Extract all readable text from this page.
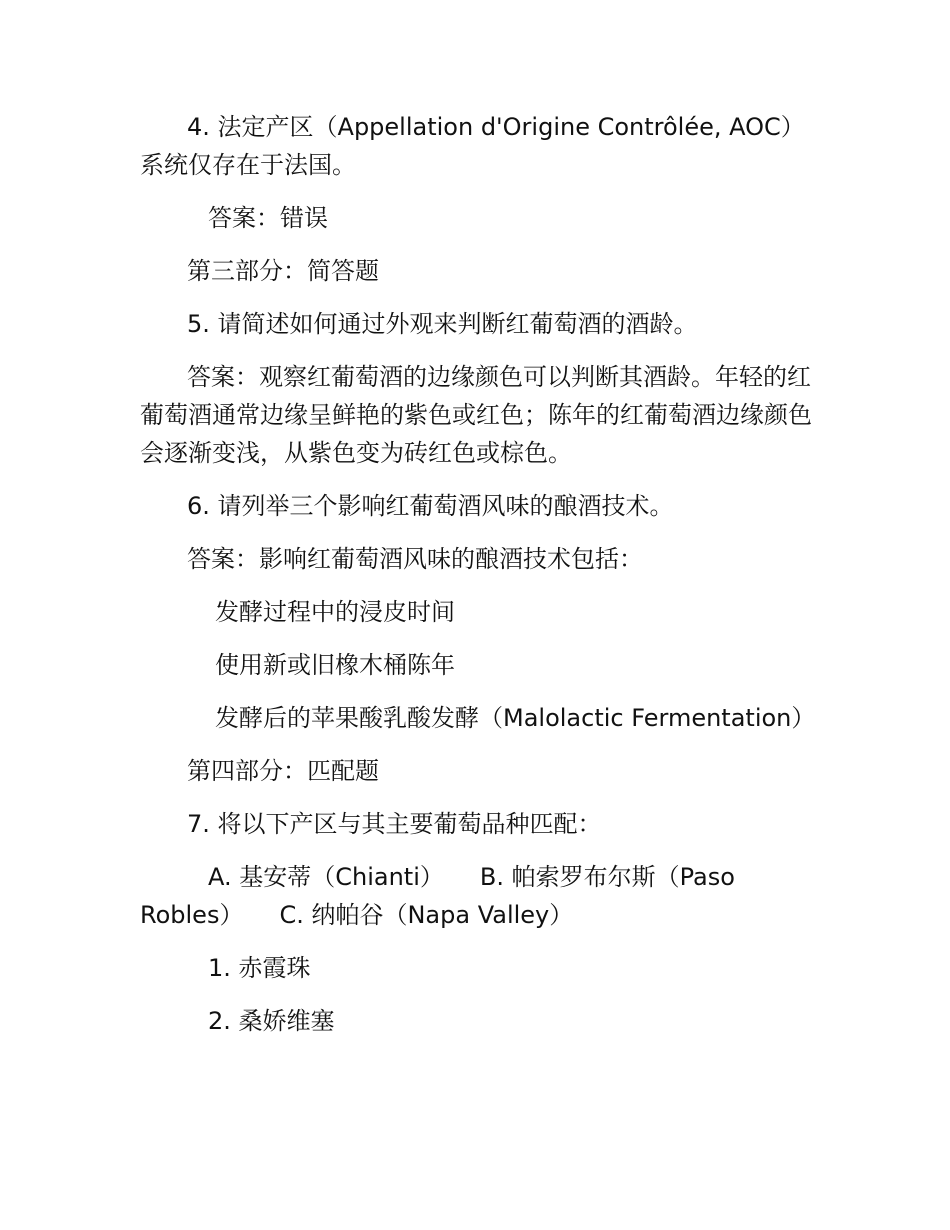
4. 法定产区（Appellation d'Origine Contrôlée, AOC）系统仅存在于法国。

答案：错误

第三部分：简答题

5. 请简述如何通过外观来判断红葡萄酒的酒龄。

答案：观察红葡萄酒的边缘颜色可以判断其酒龄。年轻的红葡萄酒通常边缘呈鲜艳的紫色或红色；陈年的红葡萄酒边缘颜色会逐渐变浅，从紫色变为砖红色或棕色。

6. 请列举三个影响红葡萄酒风味的酿酒技术。

答案：影响红葡萄酒风味的酿酒技术包括：

发酵过程中的浸皮时间

使用新或旧橡木桶陈年

发酵后的苹果酸乳酸发酵（Malolactic Fermentation）

第四部分：匹配题

7. 将以下产区与其主要葡萄品种匹配：

A. 基安蒂（Chianti）　　B. 帕索罗布尔斯（Paso Robles）　　C. 纳帕谷（Napa Valley）

1. 赤霞珠

2. 桑娇维塞
